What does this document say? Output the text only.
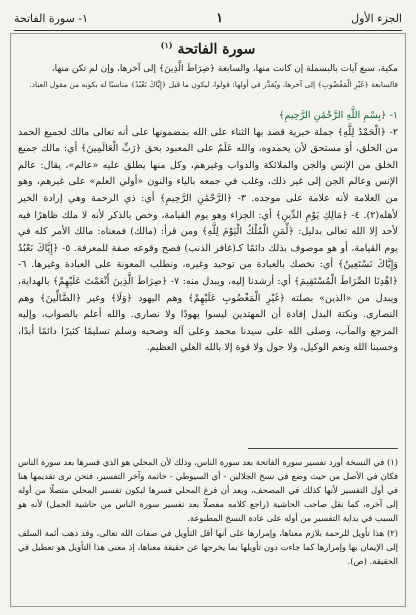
الجزء الأول
١
١- سورة الفاتحة
سورة الفاتحة $^{(١)}$
مكية، سبع آيات بالبسملة إن كانت منها، والسابعة ﴿صِرَاطَ الَّذِينَ﴾ إلى آخرها، وإن لم تكن منها،
فالسابعة ﴿غَيْرِ الْمَغْضُوبِ﴾ إلى آخرها، ويُقدَّر في أولها: قولوا، ليكون ما قبل ﴿إِيَّاكَ نَعْبُدُ﴾ مناسبًا له بكونه من مقول العباد.
١- ﴿بِسْمِ اللَّهِ الرَّحْمَٰنِ الرَّحِيمِ﴾
٢- ﴿الْحَمْدُ لِلَّهِ﴾ جملة خبرية قصد بها الثناء على الله بمضمونها على أنه تعالى مالك لجميع الحمد من الخلق، أو مستحق لأن يحمدوه، والله عَلَمٌ على المعبود بحق ﴿رَبِّ الْعَالَمِينَ﴾ أي: مالك جميع الخلق من الإنس والجن والملائكة والدواب وغيرهم، وكل منها يطلق عليه «عالم»، يقال: عالم الإنس وعالم الجن إلى غير ذلك، وغلب في جمعه بالياء والنون «أولي العلم» على غيرهم، وهو من العلامة لأنه علامة على موجده. ٣- ﴿الرَّحْمَٰنِ الرَّحِيمِ﴾ أي: ذي الرحمة وهي إرادة الخير لأهله(٢). ٤- ﴿مَالِكِ يَوْمِ الدِّينِ﴾ أي: الجزاء وهو يوم القيامة، وخص بالذكر لأنه لا ملك ظاهرًا فيه لأحد إلا الله تعالى بدليل: ﴿لِّمَنِ الْمُلْكُ الْيَوْمَ لِلَّهِ﴾ ومن قرأ: (مالك) فمعناه: مالك الأمر كله في يوم القيامة، أو هو موصوف بذلك دائمًا كـ(غافر الذنب) فصح وقوعه صفة للمعرفة. ٥- ﴿إِيَّاكَ نَعْبُدُ وَإِيَّاكَ نَسْتَعِينُ﴾ أي: نخصك بالعبادة من توحيد وغيره، ونطلب المعونة على العبادة وغيرها. ٦- ﴿اهْدِنَا الصِّرَاطَ الْمُسْتَقِيمَ﴾ أي: أرشدنا إليه، ويبدل منه: ٧- ﴿صِرَاطَ الَّذِينَ أَنْعَمْتَ عَلَيْهِمْ﴾ بالهداية، ويبدل من «الذين» بصلته ﴿غَيْرِ الْمَغْضُوبِ عَلَيْهِمْ﴾ وهم اليهود ﴿وَلَا﴾ وغير ﴿الضَّالِّينَ﴾ وهم النصارى. ونكتة البدل إفادة أن المهتدين ليسوا يهودًا ولا نصارى. والله أعلم بالصواب، وإليه المرجع والمآب، وصلى الله على سيدنا محمد وعلى آله وصحبه وسلم تسليمًا كثيرًا دائمًا أبدًا، وحسبنا الله ونعم الوكيل، ولا حول ولا قوة إلا بالله العلي العظيم.

(١) في النسخة أورد تفسير سورة الفاتحة بعد سورة الناس، وذلك لأن المحلي هو الذي فسرها بعد سورة الناس فكان في الأصل من حيث وضع في نسخ الجلالين - أي السيوطي - خاتمة وآخر التفسير، فنحن نرى تقديمها هنا في أول التفسير لأنها كذلك في المصحف، وبعد أن فرغ المحلي فسرها ليكون تفسير المحلي متصلًا من أوله إلى آخره، كما نقل صاحب الحاشية (راجع كلامه مفصلًا بعد تفسير سورة الناس من حاشية الجمل) لأنه هو السبب في بداية التفسير من أوله على عادة النسخ المطبوعة.

(٢) هذا تأويل للرحمة بلازم معناها، وإمرارها على أنها أقل التأويل في صفات الله تعالى، وقد ذهب أئمة السلف إلى الإيمان بها وإمرارها كما جاءت دون تأويلها بما يخرجها عن حقيقة معناها، إذ معنى هذا التأويل هو تعطيل في الحقيقة. (ص).
